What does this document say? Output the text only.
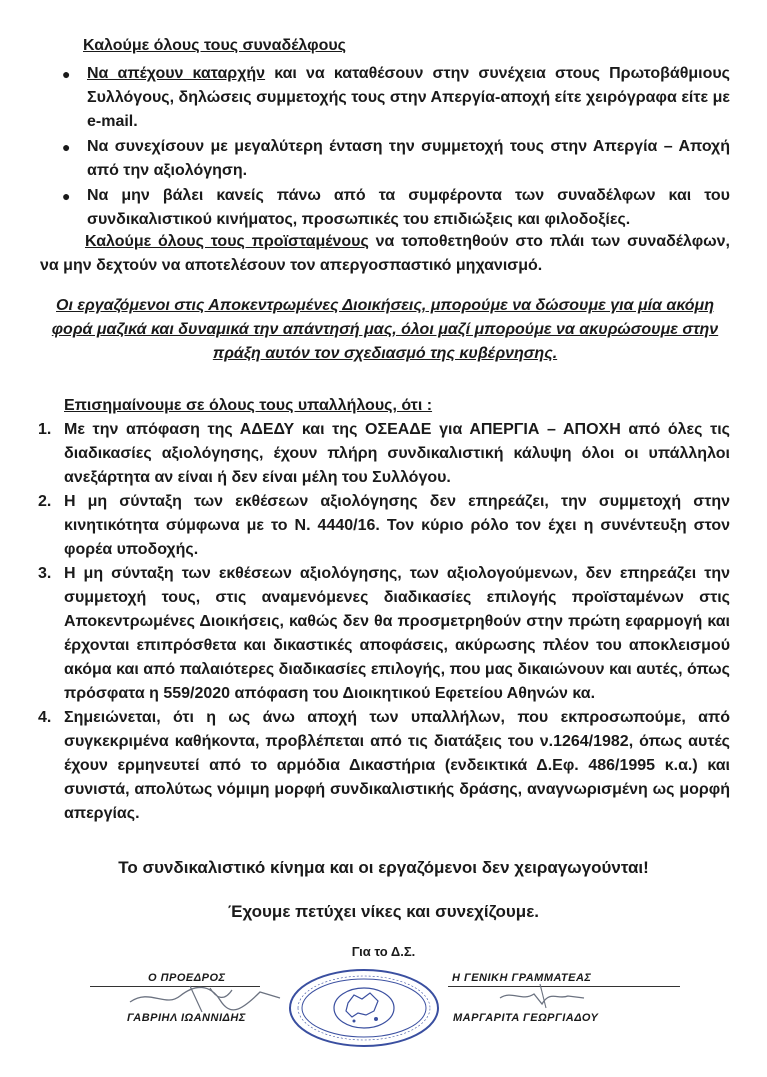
Καλούμε όλους τους συναδέλφους
● Να απέχουν καταρχήν και να καταθέσουν στην συνέχεια στους Πρωτοβάθμιους Συλλόγους, δηλώσεις συμμετοχής τους στην Απεργία-αποχή είτε χειρόγραφα είτε με e-mail.
● Να συνεχίσουν με μεγαλύτερη ένταση την συμμετοχή τους στην Απεργία – Αποχή από την αξιολόγηση.
● Να μην βάλει κανείς πάνω από τα συμφέροντα των συναδέλφων και του συνδικαλιστικού κινήματος, προσωπικές του επιδιώξεις και φιλοδοξίες.

Καλούμε όλους τους προϊσταμένους να τοποθετηθούν στο πλάι των συναδέλφων, να μην δεχτούν να αποτελέσουν τον απεργοσπαστικό μηχανισμό.

Οι εργαζόμενοι στις Αποκεντρωμένες Διοικήσεις, μπορούμε να δώσουμε για μία ακόμη φορά μαζικά και δυναμικά την απάντησή μας, όλοι μαζί μπορούμε να ακυρώσουμε στην πράξη αυτόν τον σχεδιασμό της κυβέρνησης.

Επισημαίνουμε σε όλους τους υπαλλήλους, ότι :
1. Με την απόφαση της ΑΔΕΔΥ και της ΟΣΕΑΔΕ για ΑΠΕΡΓΙΑ – ΑΠΟΧΗ από όλες τις διαδικασίες αξιολόγησης, έχουν πλήρη συνδικαλιστική κάλυψη όλοι οι υπάλληλοι ανεξάρτητα αν είναι ή δεν είναι μέλη του Συλλόγου.
2. Η μη σύνταξη των εκθέσεων αξιολόγησης δεν επηρεάζει, την συμμετοχή στην κινητικότητα σύμφωνα με το Ν. 4440/16. Τον κύριο ρόλο τον έχει η συνέντευξη στον φορέα υποδοχής.
3. Η μη σύνταξη των εκθέσεων αξιολόγησης, των αξιολογούμενων, δεν επηρεάζει την συμμετοχή τους, στις αναμενόμενες διαδικασίες επιλογής προϊσταμένων στις Αποκεντρωμένες Διοικήσεις, καθώς δεν θα προσμετρηθούν στην πρώτη εφαρμογή και έρχονται επιπρόσθετα και δικαστικές αποφάσεις, ακύρωσης πλέον του αποκλεισμού ακόμα και από παλαιότερες διαδικασίες επιλογής, που μας δικαιώνουν και αυτές, όπως πρόσφατα η 559/2020 απόφαση του Διοικητικού Εφετείου Αθηνών κα.
4. Σημειώνεται, ότι η ως άνω αποχή των υπαλλήλων, που εκπροσωπούμε, από συγκεκριμένα καθήκοντα, προβλέπεται από τις διατάξεις του ν.1264/1982, όπως αυτές έχουν ερμηνευτεί από το αρμόδια Δικαστήρια (ενδεικτικά Δ.Εφ. 486/1995 κ.α.) και συνιστά, απολύτως νόμιμη μορφή συνδικαλιστικής δράσης, αναγνωρισμένη ως μορφή απεργίας.
Το συνδικαλιστικό κίνημα και οι εργαζόμενοι δεν χειραγωγούνται!
Έχουμε πετύχει νίκες και συνεχίζουμε.
Για το Δ.Σ.
Ο ΠΡΟΕΔΡΟΣ
ΓΑΒΡΙΗΛ ΙΩΑΝΝΙΔΗΣ
Η ΓΕΝΙΚΗ ΓΡΑΜΜΑΤΕΑΣ
ΜΑΡΓΑΡΙΤΑ ΓΕΩΡΓΙΑΔΟΥ
